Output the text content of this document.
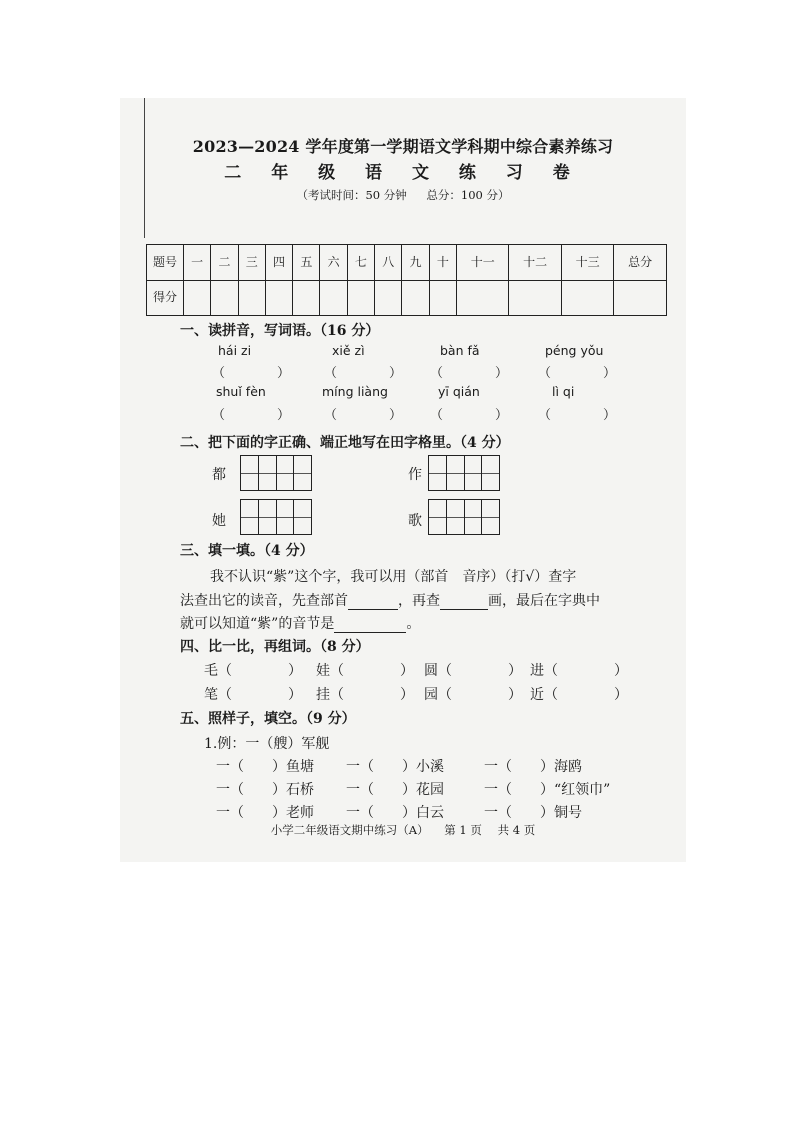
2023—2024 学年度第一学期语文学科期中综合素养练习
二 年 级 语 文 练 习 卷
（考试时间：50 分钟 总分：100 分）
题号	一	二	三	四	五	六	七	八	九	十	十一	十二	十三	总分
得分														
一、读拼音，写词语。（16 分）
hái zi	xiě zì	bàn fǎ	péng yǒu
（　　　　）	（　　　　） （　　　　） （　　　　）
shuǐ fèn	míng liàng	yī qián	lì qi
（　　　　）	（　　　　） （　　　　） （　　　　）
二、把下面的字正确、端正地写在田字格里。（4 分）
都	作
她	歌
三、填一填。（4 分）
我不认识“紫”这个字，我可以用（部首　音序）（打√）查字
法查出它的读音，先查部首	，再查	画，最后在字典中
就可以知道“紫”的音节是	。
四、比一比，再组词。（8 分）
毛（　　　　） 娃（　　　　） 圆（　　　　） 进（　　　　）
笔（　　　　） 挂（　　　　） 园（　　　　） 近（　　　　）
五、照样子，填空。（9 分）
1.例：一（艘）军舰
一（　　）鱼塘 一（　　）小溪	一（　　）海鸥
一（　　）石桥 一（　　）花园	一（　　）“红领巾”
一（　　）老师 一（　　）白云	一（　　）铜号
小学二年级语文期中练习（A） 第 1 页 共 4 页
